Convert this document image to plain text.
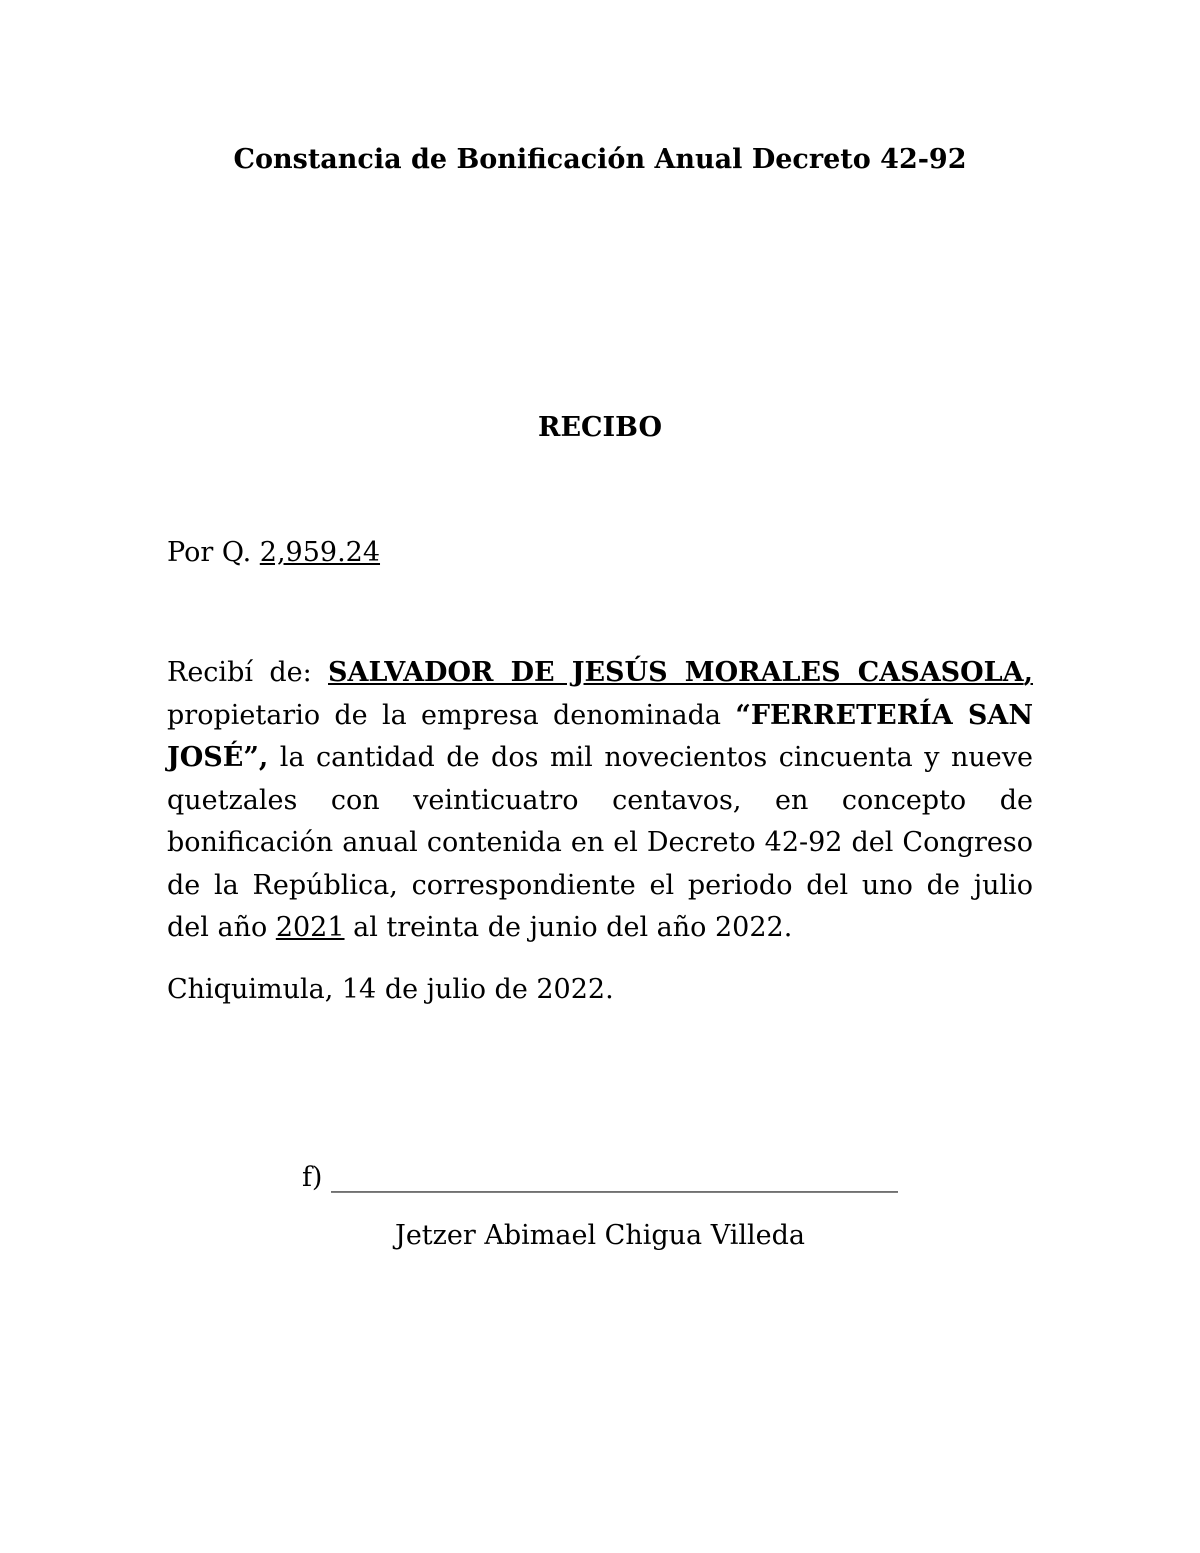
Constancia de Bonificación Anual Decreto 42-92
RECIBO
Por Q. 2,959.24
Recibí de: SALVADOR DE JESÚS MORALES CASASOLA, propietario de la empresa denominada “FERRETERÍA SAN JOSÉ”, la cantidad de dos mil novecientos cincuenta y nueve quetzales con veinticuatro centavos, en concepto de bonificación anual contenida en el Decreto 42-92 del Congreso de la República, correspondiente el periodo del uno de julio del año 2021 al treinta de junio del año 2022.
Chiquimula, 14 de julio de 2022.
f) __________________________________________
Jetzer Abimael Chigua Villeda
